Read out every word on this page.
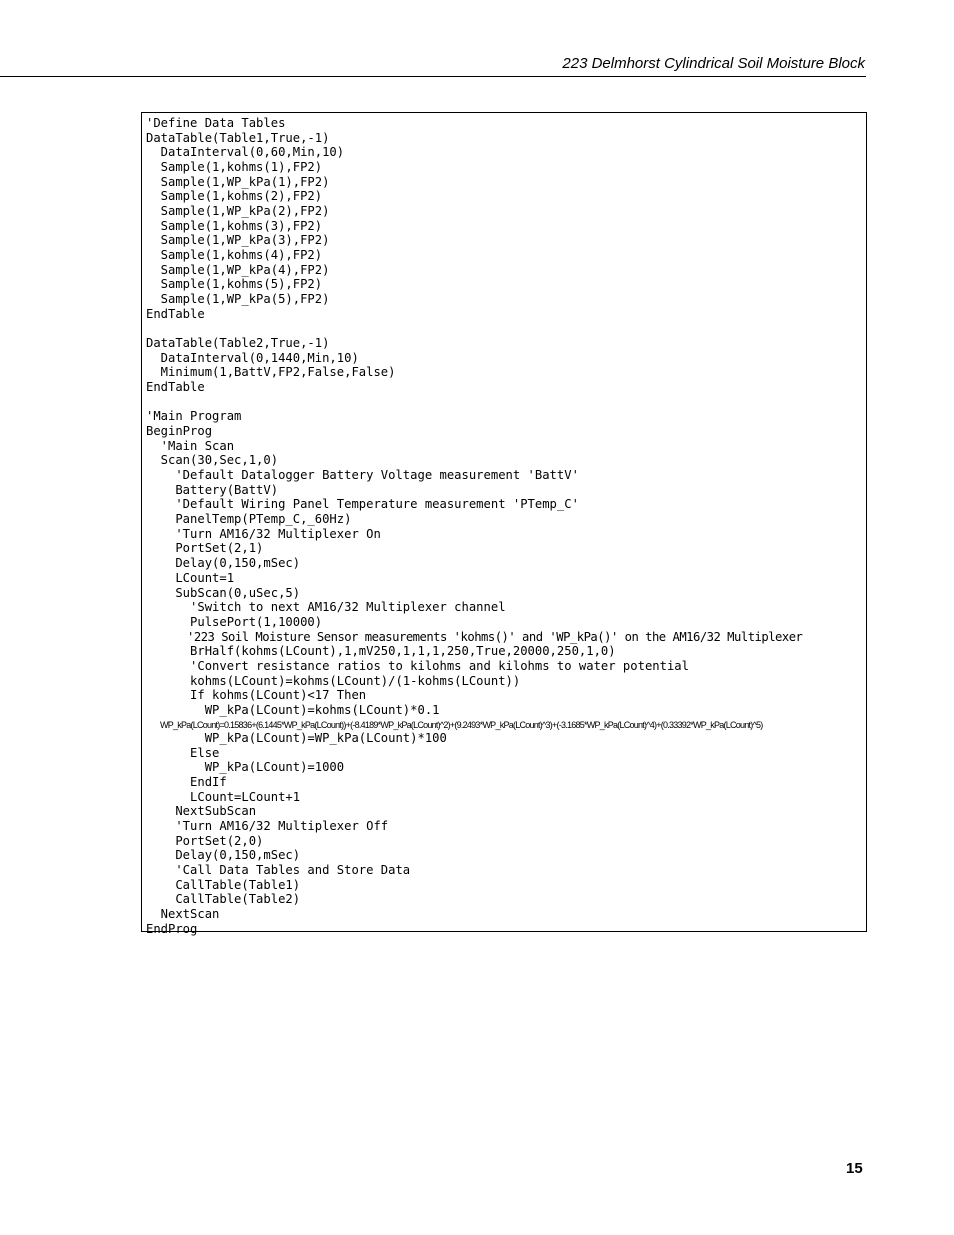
223 Delmhorst Cylindrical Soil Moisture Block
'Define Data Tables
DataTable(Table1,True,-1)
DataInterval(0,60,Min,10)
Sample(1,kohms(1),FP2)
Sample(1,WP_kPa(1),FP2)
Sample(1,kohms(2),FP2)
Sample(1,WP_kPa(2),FP2)
Sample(1,kohms(3),FP2)
Sample(1,WP_kPa(3),FP2)
Sample(1,kohms(4),FP2)
Sample(1,WP_kPa(4),FP2)
Sample(1,kohms(5),FP2)
Sample(1,WP_kPa(5),FP2)
EndTable

DataTable(Table2,True,-1)
DataInterval(0,1440,Min,10)
Minimum(1,BattV,FP2,False,False)
EndTable

'Main Program
BeginProg
'Main Scan
Scan(30,Sec,1,0)
'Default Datalogger Battery Voltage measurement 'BattV'
Battery(BattV)
'Default Wiring Panel Temperature measurement 'PTemp_C'
PanelTemp(PTemp_C,_60Hz)
'Turn AM16/32 Multiplexer On
PortSet(2,1)
Delay(0,150,mSec)
LCount=1
SubScan(0,uSec,5)
'Switch to next AM16/32 Multiplexer channel
PulsePort(1,10000)
'223 Soil Moisture Sensor measurements 'kohms()' and 'WP_kPa()' on the AM16/32 Multiplexer
BrHalf(kohms(LCount),1,mV250,1,1,1,250,True,20000,250,1,0)
'Convert resistance ratios to kilohms and kilohms to water potential
kohms(LCount)=kohms(LCount)/(1-kohms(LCount))
If kohms(LCount)<17 Then
WP_kPa(LCount)=kohms(LCount)*0.1
WP_kPa(LCount)=0.15836+(6.1445*WP_kPa(LCount))+(-8.4189*WP_kPa(LCount)^2)+(9.2493*WP_kPa(LCount)^3)+(-3.1685*WP_kPa(LCount)^4)+(0.33392*WP_kPa(LCount)^5)
WP_kPa(LCount)=WP_kPa(LCount)*100
Else
WP_kPa(LCount)=1000
EndIf
LCount=LCount+1
NextSubScan
'Turn AM16/32 Multiplexer Off
PortSet(2,0)
Delay(0,150,mSec)
'Call Data Tables and Store Data
CallTable(Table1)
CallTable(Table2)
NextScan
EndProg
15
